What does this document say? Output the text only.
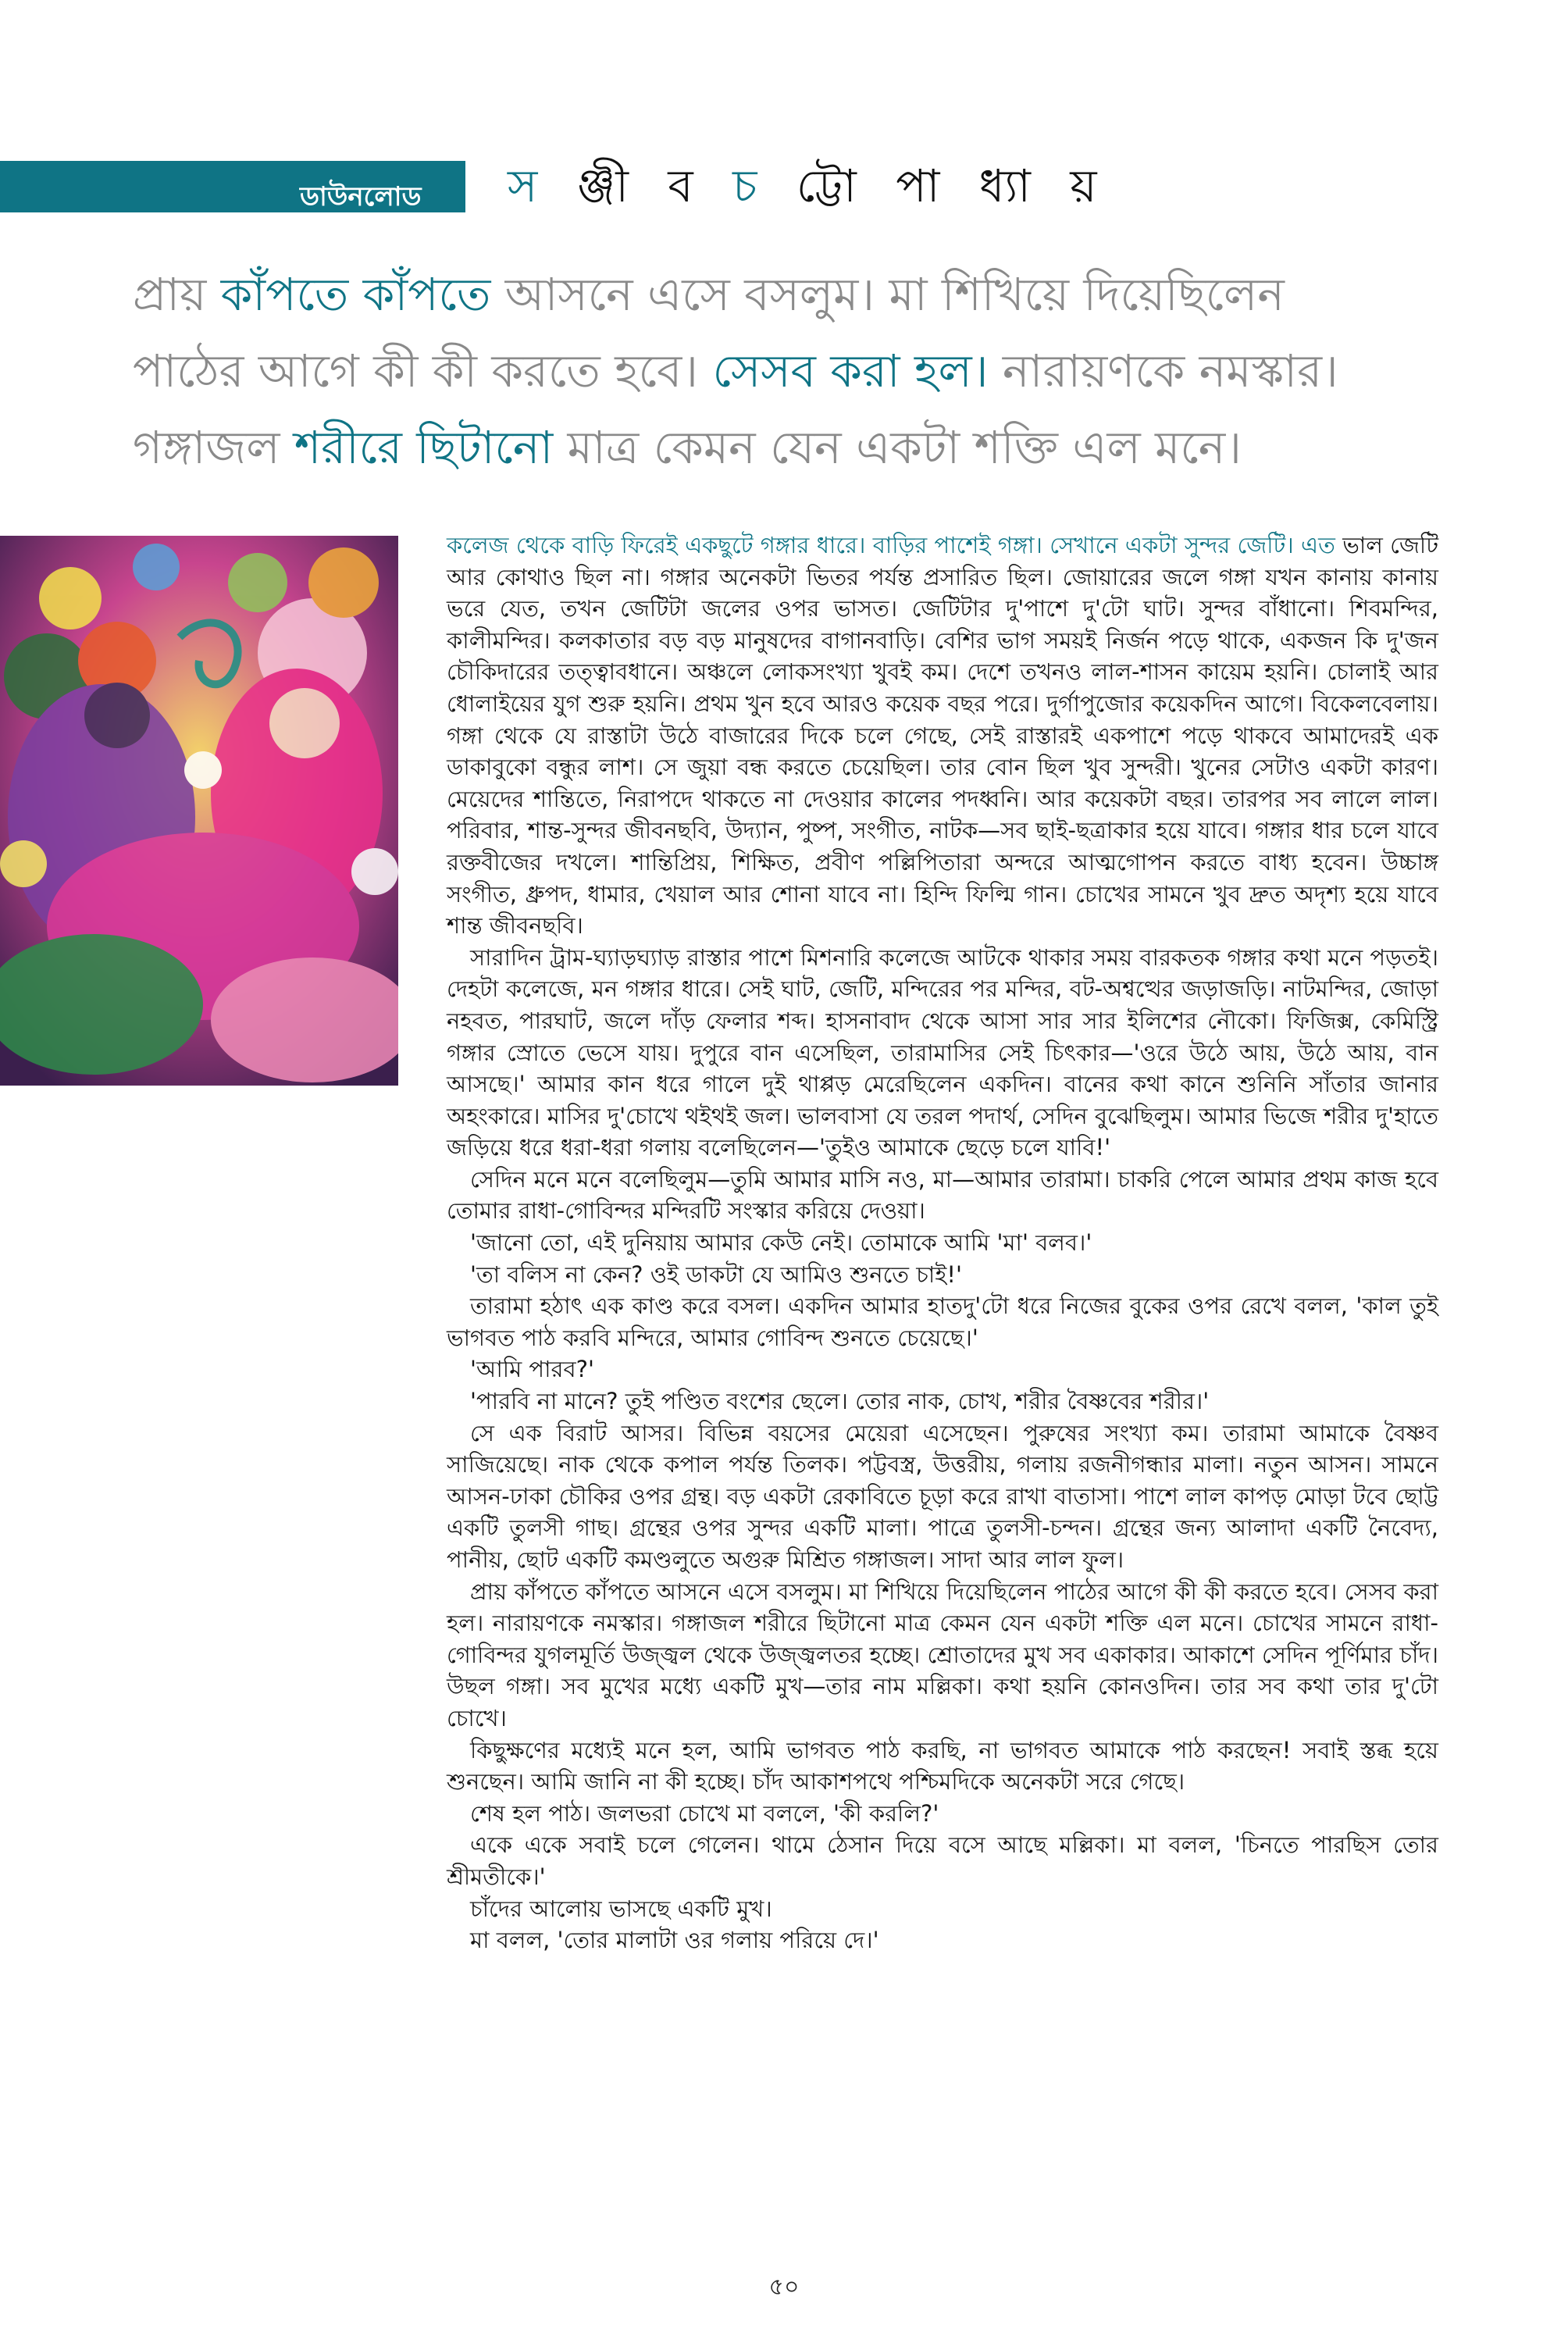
ডাউনলোড স ঞ্জী ব চ ট্টো পা ধ্যা য়
প্রায় কাঁপতে কাঁপতে আসনে এসে বসলুম। মা শিখিয়ে দিয়েছিলেন
পাঠের আগে কী কী করতে হবে। সেসব করা হল। নারায়ণকে নমস্কার।
গঙ্গাজল শরীরে ছিটানো মাত্র কেমন যেন একটা শক্তি এল মনে।

কলেজ থেকে বাড়ি ফিরেই একছুটে গঙ্গার ধারে। বাড়ির পাশেই গঙ্গা। সেখানে একটা সুন্দর জেটি। এত ভাল জেটি আর কোথাও ছিল না। গঙ্গার অনেকটা ভিতর পর্যন্ত প্রসারিত ছিল। জোয়ারের জলে গঙ্গা যখন কানায় কানায় ভরে যেত, তখন জেটিটা জলের ওপর ভাসত। জেটিটার দু'পাশে দু'টো ঘাট। সুন্দর বাঁধানো। শিবমন্দির, কালীমন্দির। কলকাতার বড় বড় মানুষদের বাগানবাড়ি। বেশির ভাগ সময়ই নির্জন পড়ে থাকে, একজন কি দু'জন চৌকিদারের তত্ত্বাবধানে। অঞ্চলে লোকসংখ্যা খুবই কম। দেশে তখনও লাল-শাসন কায়েম হয়নি। চোলাই আর ধোলাইয়ের যুগ শুরু হয়নি। প্রথম খুন হবে আরও কয়েক বছর পরে। দুর্গাপুজোর কয়েকদিন আগে। বিকেলবেলায়। গঙ্গা থেকে যে রাস্তাটা উঠে বাজারের দিকে চলে গেছে, সেই রাস্তারই একপাশে পড়ে থাকবে আমাদেরই এক ডাকাবুকো বন্ধুর লাশ। সে জুয়া বন্ধ করতে চেয়েছিল। তার বোন ছিল খুব সুন্দরী। খুনের সেটাও একটা কারণ। মেয়েদের শান্তিতে, নিরাপদে থাকতে না দেওয়ার কালের পদধ্বনি। আর কয়েকটা বছর। তারপর সব লালে লাল। পরিবার, শান্ত-সুন্দর জীবনছবি, উদ্যান, পুষ্প, সংগীত, নাটক—সব ছাই-ছত্রাকার হয়ে যাবে। গঙ্গার ধার চলে যাবে রক্তবীজের দখলে। শান্তিপ্রিয়, শিক্ষিত, প্রবীণ পল্লিপিতারা অন্দরে আত্মগোপন করতে বাধ্য হবেন। উচ্চাঙ্গ সংগীত, ধ্রুপদ, ধামার, খেয়াল আর শোনা যাবে না। হিন্দি ফিল্মি গান। চোখের সামনে খুব দ্রুত অদৃশ্য হয়ে যাবে শান্ত জীবনছবি।

সারাদিন ট্রাম-ঘ্যাড়ঘ্যাড় রাস্তার পাশে মিশনারি কলেজে আটকে থাকার সময় বারকতক গঙ্গার কথা মনে পড়তই। দেহটা কলেজে, মন গঙ্গার ধারে। সেই ঘাট, জেটি, মন্দিরের পর মন্দির, বট-অশ্বত্থের জড়াজড়ি। নাটমন্দির, জোড়া নহবত, পারঘাট, জলে দাঁড় ফেলার শব্দ। হাসনাবাদ থেকে আসা সার সার ইলিশের নৌকো। ফিজিক্স, কেমিস্ট্রি গঙ্গার স্রোতে ভেসে যায়। দুপুরে বান এসেছিল, তারামাসির সেই চিৎকার—'ওরে উঠে আয়, উঠে আয়, বান আসছে।' আমার কান ধরে গালে দুই থাপ্পড় মেরেছিলেন একদিন। বানের কথা কানে শুনিনি সাঁতার জানার অহংকারে। মাসির দু'চোখে থইথই জল। ভালবাসা যে তরল পদার্থ, সেদিন বুঝেছিলুম। আমার ভিজে শরীর দু'হাতে জড়িয়ে ধরে ধরা-ধরা গলায় বলেছিলেন—'তুইও আমাকে ছেড়ে চলে যাবি!'

সেদিন মনে মনে বলেছিলুম—তুমি আমার মাসি নও, মা—আমার তারামা। চাকরি পেলে আমার প্রথম কাজ হবে তোমার রাধা-গোবিন্দর মন্দিরটি সংস্কার করিয়ে দেওয়া।

'জানো তো, এই দুনিয়ায় আমার কেউ নেই। তোমাকে আমি 'মা' বলব।'

'তা বলিস না কেন? ওই ডাকটা যে আমিও শুনতে চাই!'

তারামা হঠাৎ এক কাণ্ড করে বসল। একদিন আমার হাতদু'টো ধরে নিজের বুকের ওপর রেখে বলল, 'কাল তুই ভাগবত পাঠ করবি মন্দিরে, আমার গোবিন্দ শুনতে চেয়েছে।'

'আমি পারব?'

'পারবি না মানে? তুই পণ্ডিত বংশের ছেলে। তোর নাক, চোখ, শরীর বৈষ্ণবের শরীর।'

সে এক বিরাট আসর। বিভিন্ন বয়সের মেয়েরা এসেছেন। পুরুষের সংখ্যা কম। তারামা আমাকে বৈষ্ণব সাজিয়েছে। নাক থেকে কপাল পর্যন্ত তিলক। পট্টবস্ত্র, উত্তরীয়, গলায় রজনীগন্ধার মালা। নতুন আসন। সামনে আসন-ঢাকা চৌকির ওপর গ্রন্থ। বড় একটা রেকাবিতে চূড়া করে রাখা বাতাসা। পাশে লাল কাপড় মোড়া টবে ছোট্ট একটি তুলসী গাছ। গ্রন্থের ওপর সুন্দর একটি মালা। পাত্রে তুলসী-চন্দন। গ্রন্থের জন্য আলাদা একটি নৈবেদ্য, পানীয়, ছোট একটি কমণ্ডলুতে অগুরু মিশ্রিত গঙ্গাজল। সাদা আর লাল ফুল।

প্রায় কাঁপতে কাঁপতে আসনে এসে বসলুম। মা শিখিয়ে দিয়েছিলেন পাঠের আগে কী কী করতে হবে। সেসব করা হল। নারায়ণকে নমস্কার। গঙ্গাজল শরীরে ছিটানো মাত্র কেমন যেন একটা শক্তি এল মনে। চোখের সামনে রাধা-গোবিন্দর যুগলমূর্তি উজ্জ্বল থেকে উজ্জ্বলতর হচ্ছে। শ্রোতাদের মুখ সব একাকার। আকাশে সেদিন পূর্ণিমার চাঁদ। উছল গঙ্গা। সব মুখের মধ্যে একটি মুখ—তার নাম মল্লিকা। কথা হয়নি কোনওদিন। তার সব কথা তার দু'টো চোখে।

কিছুক্ষণের মধ্যেই মনে হল, আমি ভাগবত পাঠ করছি, না ভাগবত আমাকে পাঠ করছেন! সবাই স্তব্ধ হয়ে শুনছেন। আমি জানি না কী হচ্ছে। চাঁদ আকাশপথে পশ্চিমদিকে অনেকটা সরে গেছে।

শেষ হল পাঠ। জলভরা চোখে মা বললে, 'কী করলি?'

একে একে সবাই চলে গেলেন। থামে ঠেসান দিয়ে বসে আছে মল্লিকা। মা বলল, 'চিনতে পারছিস তোর শ্রীমতীকে।'

চাঁদের আলোয় ভাসছে একটি মুখ।

মা বলল, 'তোর মালাটা ওর গলায় পরিয়ে দে।'

৫০
